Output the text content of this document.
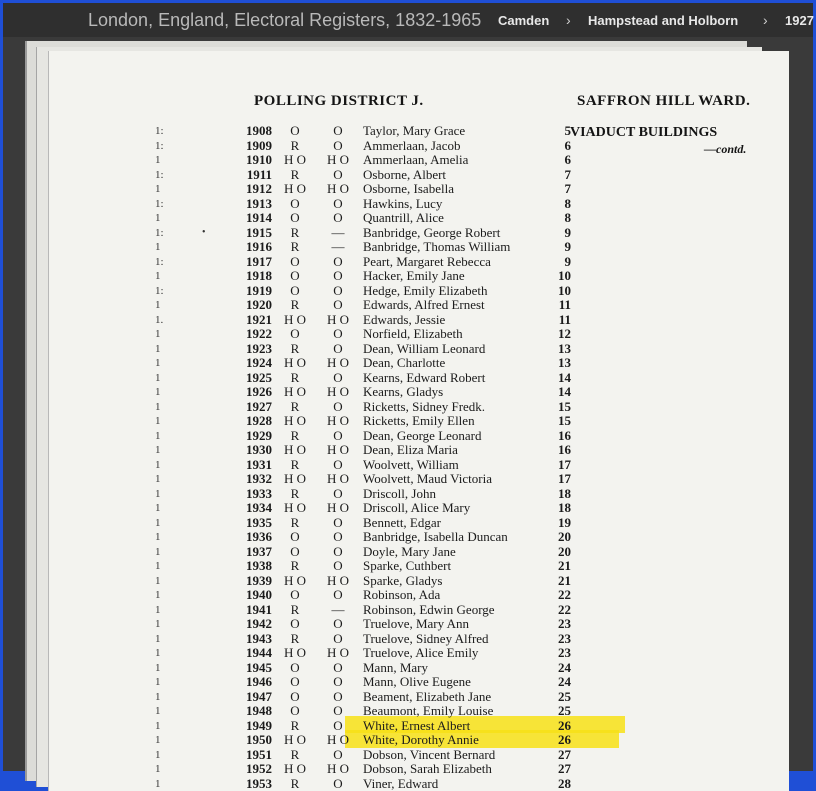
London, England, Electoral Registers, 1832-1965 Camden › Hampstead and Holborn › 1927
POLLING DISTRICT J.	SAFFRON HILL WARD.
VIADUCT BUILDINGS
—contd.
•
1:	1908	O	O	Taylor, Mary Grace	5
1:	1909	R	O	Ammerlaan, Jacob	6
1	1910 H O	H O	Ammerlaan, Amelia	6
1:	1911	R	O	Osborne, Albert	7
1	1912 H O	H O	Osborne, Isabella	7
1:	1913	O	O	Hawkins, Lucy	8
1	1914	O	O	Quantrill, Alice	8
1:	1915	R	—	Banbridge, George Robert	9
1	1916	R	—	Banbridge, Thomas William	9
1:	1917	O	O	Peart, Margaret Rebecca	9
1	1918	O	O	Hacker, Emily Jane	10
1:	1919	O	O	Hedge, Emily Elizabeth	10
1	1920	R	O	Edwards, Alfred Ernest	11
1.	1921 H O	H O	Edwards, Jessie	11
1	1922	O	O	Norfield, Elizabeth	12
1	1923	R	O	Dean, William Leonard	13
1	1924 H O	H O	Dean, Charlotte	13
1	1925	R	O	Kearns, Edward Robert	14
1	1926 H O	H O	Kearns, Gladys	14
1	1927	R	O	Ricketts, Sidney Fredk.	15
1	1928 H O	H O	Ricketts, Emily Ellen	15
1	1929	R	O	Dean, George Leonard	16
1	1930 H O	H O	Dean, Eliza Maria	16
1	1931	R	O	Woolvett, William	17
1	1932 H O	H O	Woolvett, Maud Victoria	17
1	1933	R	O	Driscoll, John	18
1	1934 H O	H O	Driscoll, Alice Mary	18
1	1935	R	O	Bennett, Edgar	19
1	1936	O	O	Banbridge, Isabella Duncan	20
1	1937	O	O	Doyle, Mary Jane	20
1	1938	R	O	Sparke, Cuthbert	21
1	1939 H O	H O	Sparke, Gladys	21
1	1940	O	O	Robinson, Ada	22
1	1941	R	—	Robinson, Edwin George	22
1	1942	O	O	Truelove, Mary Ann	23
1	1943	R	O	Truelove, Sidney Alfred	23
1	1944 H O	H O	Truelove, Alice Emily	23
1	1945	O	O	Mann, Mary	24
1	1946	O	O	Mann, Olive Eugene	24
1	1947	O	O	Beament, Elizabeth Jane	25
1	1948	O	O	Beaumont, Emily Louise	25
1	1949	R	O	White, Ernest Albert	26
1	1950 H O	H O	White, Dorothy Annie	26
1	1951	R	O	Dobson, Vincent Bernard	27
1	1952 H O	H O	Dobson, Sarah Elizabeth	27
1	1953	R	O	Viner, Edward	28
